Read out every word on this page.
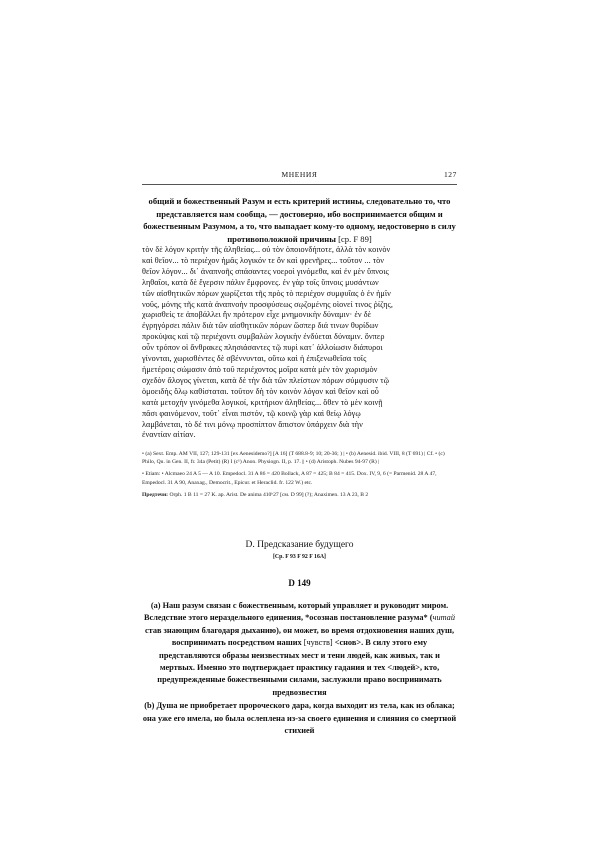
МНЕНИЯ	127
общий и божественный Разум и есть критерий истины, следовательно то, что представляется нам сообща, — достоверно, ибо воспринимается общим и божественным Разумом, а то, что выпадает кому-то одному, недостоверно в силу противоположной причины [ср. F 89]
τὸν δὲ λόγον κριτὴν τῆς ἀληθείας... οὐ τὸν ὁποιονδήποτε, ἀλλὰ τὸν κοινὸν
καὶ θεῖον... τὸ περιέχον ἡμᾶς λογικόν τε ὂν καὶ φρενῆρες... τοῦτον ... τὸν
θεῖον λόγον... δι᾿ ἀναπνοῆς σπάσαντες νοεροὶ γινόμεθα, καὶ ἐν μὲν ὕπνοις
ληθαῖοι, κατὰ δὲ ἔγερσιν πάλιν ἔμφρονες. ἐν γὰρ τοῖς ὕπνοις μυσάντων
τῶν αἰσθητικῶν πόρων χωρίζεται τῆς πρὸς τὸ περιέχον συμφυΐας ὁ ἐν ἡμῖν
νοῦς, μόνης τῆς κατὰ ἀναπνοὴν προσφύσεως σῳζομένης οἱονεί τινος ῥίζης,
χωρισθείς τε ἀποβάλλει ἣν πρότερον εἶχε μνημονικὴν δύναμιν· ἐν δὲ
ἐγρηγόρσει πάλιν διὰ τῶν αἰσθητικῶν πόρων ὥσπερ διά τινων θυρίδων
προκύψας καὶ τῷ περιέχοντι συμβαλὼν λογικὴν ἐνδύεται δύναμιν. ὅνπερ
οὖν τρόπον οἱ ἄνθρακες πλησιάσαντες τῷ πυρὶ κατ᾿ ἀλλοίωσιν διάπυροι
γίνονται, χωρισθέντες δὲ σβέννυνται, οὕτω καὶ ἡ ἐπιξενωθεῖσα τοῖς
ἡμετέροις σώμασιν ἀπὸ τοῦ περιέχοντος μοῖρα κατὰ μὲν τὸν χωρισμὸν
σχεδὸν ἄλογος γίνεται, κατὰ δὲ τὴν διὰ τῶν πλείστων πόρων σύμφυσιν τῷ
ὁμοειδὴς ὅλῳ καθίσταται. τοῦτον δὴ τὸν κοινὸν λόγον καὶ θεῖον καὶ οὗ
κατὰ μετοχὴν γινόμεθα λογικοί, κριτήριον ἀληθείας... ὅθεν τὸ μὲν κοινῇ
πᾶσι φαινόμενον, τοῦτ᾿ εἶναι πιστόν, τῷ κοινῷ γὰρ καὶ θείῳ λόγῳ
λαμβάνεται, τὸ δέ τινι μόνῳ προσπίπτον ἄπιστον ὑπάρχειν διὰ τὴν
ἐναντίαν αἰτίαν.

• (a) Sext. Emp. AM VII, 127; 129-131 [ex Aenesidemo?] [A 16] (T 688.8-9; 10; 20-36; ) | • (b) Aenesid. ibid. VIII, 8 (T 691) | Cf. • (c) Philo, Qu. in Gen. II, fr. 34a (Petit) (R) I (c¹) Anon. Physiogn. II, p. 17. || • (d) Aristoph. Nubes 94-97 (R) |

• Etiam: • Alcmaeo 24 A 5 — A 10. Empedocl. 31 A 86 = 420 Bollack, A 87 = 425; B 84 = 415. Dox. IV, 9, 6 (= Parmenid. 28 A 47, Empedocl. 31 A 90, Anaxag., Democrit., Epicur. et Heraclid. fr. 122 W.) etc.

Предтечи: Orph. 1 B 11 = 27 K. ap. Arist. De anima 410ᵇ27 [см. D 99] (?); Anaximen. 13 A 23, B 2

D. Предсказание будущего
[Ср. F 93 F 92 F 16A]
D 149

(a) Наш разум связан с божественным, который управляет и руководит миром. Вследствие этого нераздельного единения, *осознав постановление разума* (читай став знающим благодаря дыханию), он может, во время отдохновения наших душ, воспринимать посредством наших [чувств] <снов>. В силу этого ему представляются образы неизвестных мест и тени людей, как живых, так и мертвых. Именно это подтверждает практику гадания и тех <людей>, кто, предупрежденные божественными силами, заслужили право воспринимать предвозвестия

(b) Душа не приобретает пророческого дара, когда выходит из тела, как из облака; она уже его имела, но была ослеплена из-за своего единения и слияния со смертной стихией
